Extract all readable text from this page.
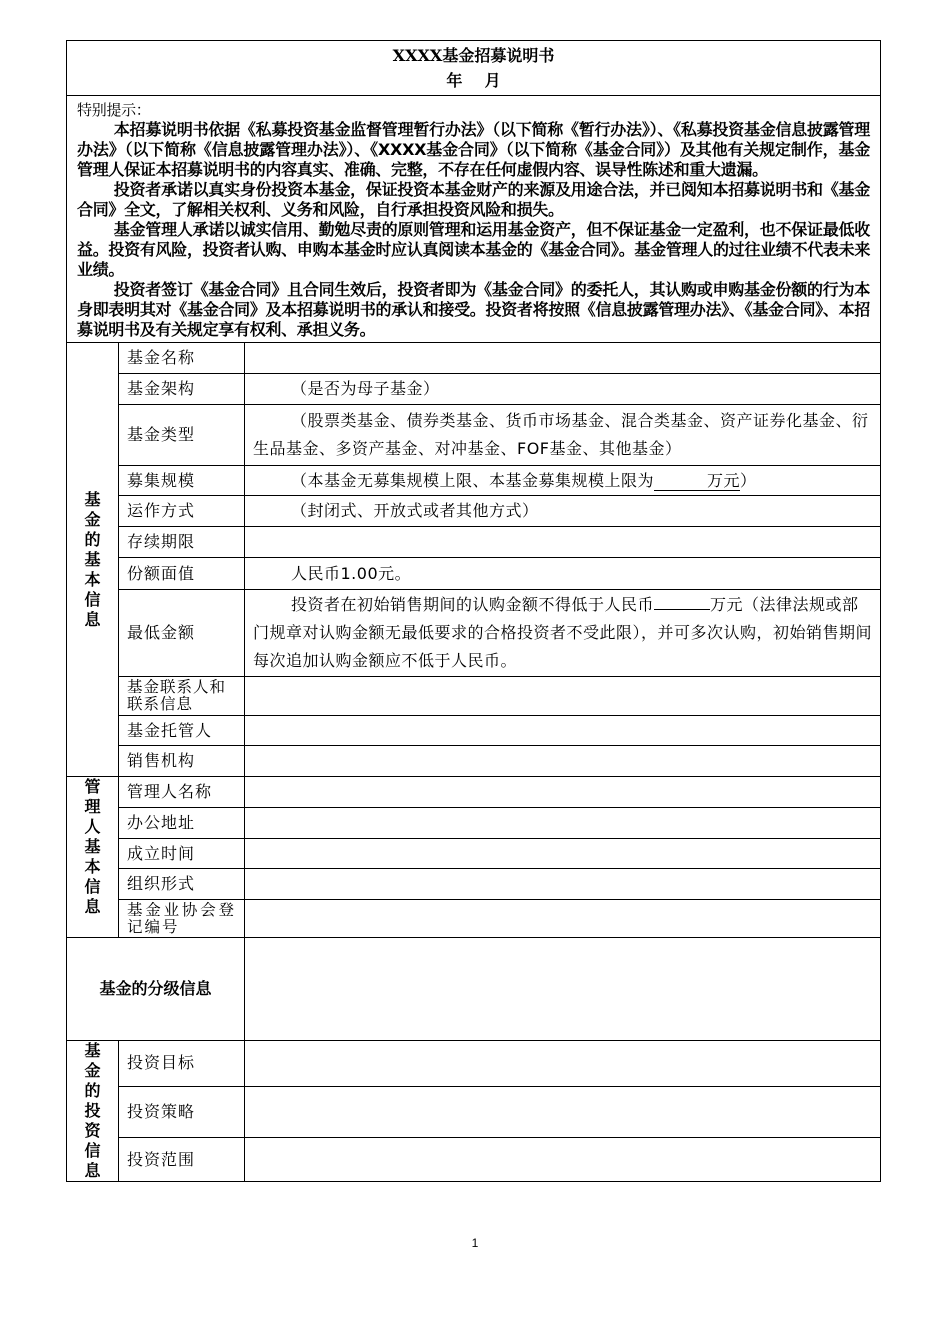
XXXX基金招募说明书
年    月		

特别提示：

本招募说明书依据《私募投资基金监督管理暂行办法》（以下简称《暂行办法》）、《私募投资基金信息披露管理办法》（以下简称《信息披露管理办法》）、《XXXX基金合同》（以下简称《基金合同》）及其他有关规定制作，基金管理人保证本招募说明书的内容真实、准确、完整，不存在任何虚假内容、误导性陈述和重大遗漏。

投资者承诺以真实身份投资本基金，保证投资本基金财产的来源及用途合法，并已阅知本招募说明书和《基金合同》全文，了解相关权利、义务和风险，自行承担投资风险和损失。

基金管理人承诺以诚实信用、勤勉尽责的原则管理和运用基金资产，但不保证基金一定盈利，也不保证最低收益。投资有风险，投资者认购、申购本基金时应认真阅读本基金的《基金合同》。基金管理人的过往业绩不代表未来业绩。

投资者签订《基金合同》且合同生效后，投资者即为《基金合同》的委托人，其认购或申购基金份额的行为本身即表明其对《基金合同》及本招募说明书的承认和接受。投资者将按照《信息披露管理办法》、《基金合同》、本招募说明书及有关规定享有权利、承担义务。		

基金的基本信息	基金名称	
	基金架构	（是否为母子基金）
	基金类型	（股票类基金、债券类基金、货币市场基金、混合类基金、资产证券化基金、衍生品基金、多资产基金、对冲基金、FOF基金、其他基金）
	募集规模	（本基金无募集规模上限、本基金募集规模上限为 万元）
	运作方式	（封闭式、开放式或者其他方式）
	存续期限	
	份额面值	人民币1.00元。
	最低金额	投资者在初始销售期间的认购金额不得低于人民币 万元（法律法规或部门规章对认购金额无最低要求的合格投资者不受此限），并可多次认购，初始销售期间每次追加认购金额应不低于人民币。
	基金联系人和联系信息	
	基金托管人	
	销售机构	

管理人基本信息	管理人名称	
	办公地址	
	成立时间	
	组织形式	
	基金业协会登记编号	
基金的分级信息		

基金的投资信息	投资目标	
	投资策略	
	投资范围	
1
